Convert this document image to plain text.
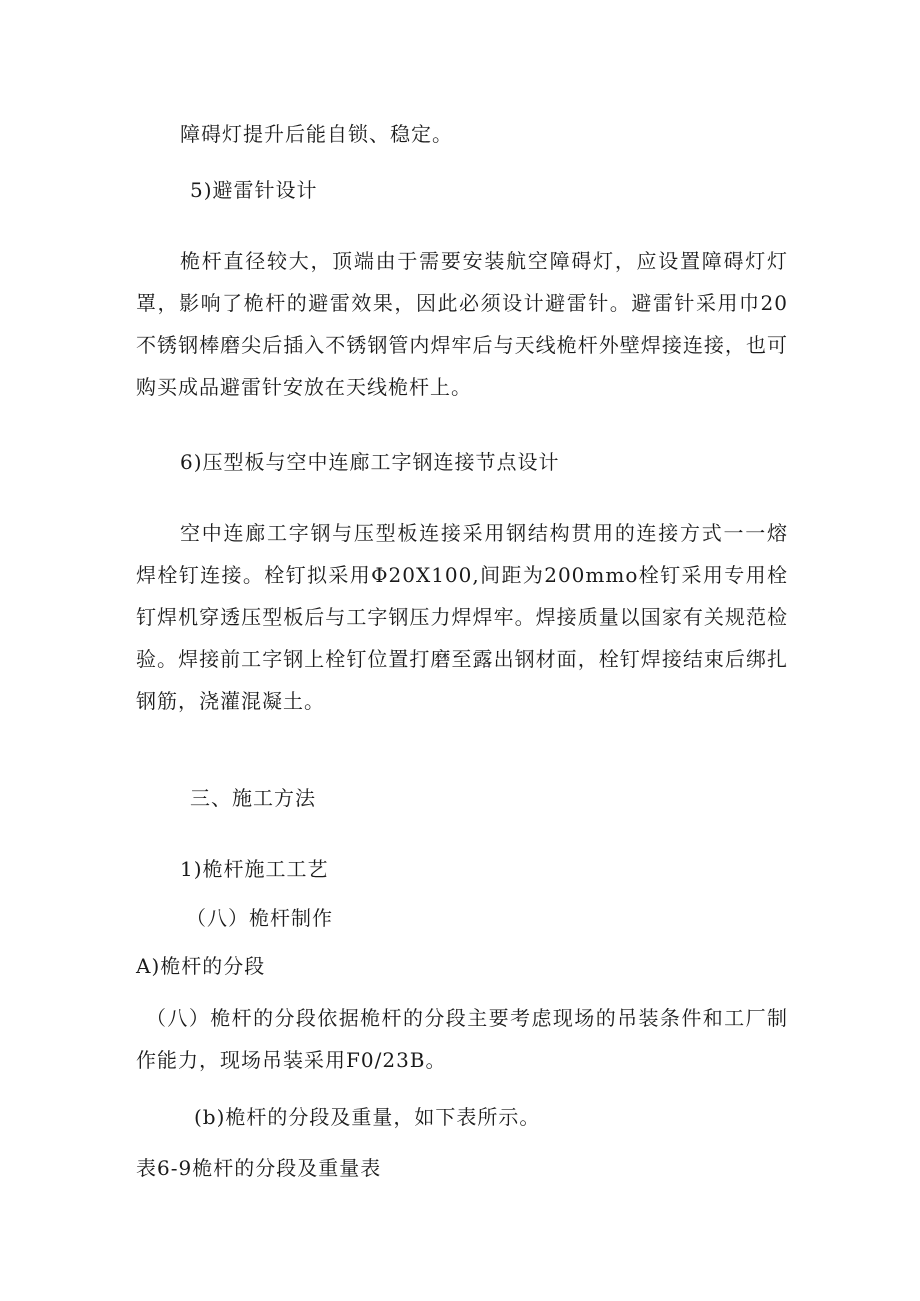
障碍灯提升后能自锁、稳定。
5)避雷针设计
桅杆直径较大，顶端由于需要安装航空障碍灯，应设置障碍灯灯罩，影响了桅杆的避雷效果，因此必须设计避雷针。避雷针采用巾20不锈钢棒磨尖后插入不锈钢管内焊牢后与天线桅杆外壁焊接连接，也可购买成品避雷针安放在天线桅杆上。
6)压型板与空中连廊工字钢连接节点设计
空中连廊工字钢与压型板连接采用钢结构贯用的连接方式一一熔焊栓钉连接。栓钉拟采用Φ20X100,间距为200mmo栓钉采用专用栓钉焊机穿透压型板后与工字钢压力焊焊牢。焊接质量以国家有关规范检验。焊接前工字钢上栓钉位置打磨至露出钢材面，栓钉焊接结束后绑扎钢筋，浇灌混凝土。
三、施工方法
1)桅杆施工工艺
（八）桅杆制作
A)桅杆的分段
（八）桅杆的分段依据桅杆的分段主要考虑现场的吊装条件和工厂制作能力，现场吊装采用F0/23B。
(b)桅杆的分段及重量，如下表所示。
表6-9桅杆的分段及重量表
